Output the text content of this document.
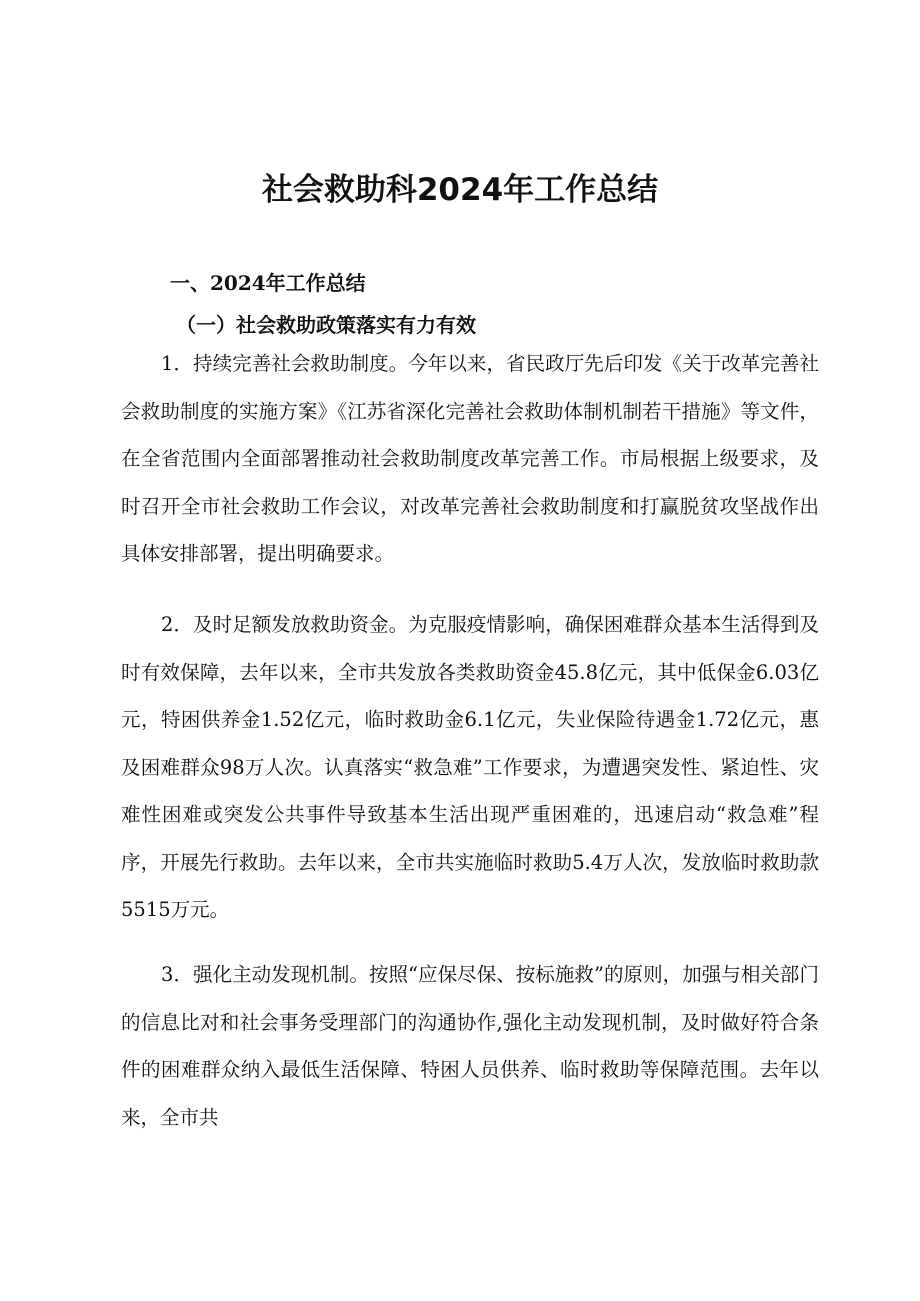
社会救助科2024年工作总结
一、2024年工作总结
（一）社会救助政策落实有力有效

1．持续完善社会救助制度。今年以来，省民政厅先后印发《关于改革完善社会救助制度的实施方案》《江苏省深化完善社会救助体制机制若干措施》等文件，在全省范围内全面部署推动社会救助制度改革完善工作。市局根据上级要求，及时召开全市社会救助工作会议，对改革完善社会救助制度和打赢脱贫攻坚战作出具体安排部署，提出明确要求。

2．及时足额发放救助资金。为克服疫情影响，确保困难群众基本生活得到及时有效保障，去年以来，全市共发放各类救助资金45.8亿元，其中低保金6.03亿元，特困供养金1.52亿元，临时救助金6.1亿元，失业保险待遇金1.72亿元，惠及困难群众98万人次。认真落实“救急难”工作要求，为遭遇突发性、紧迫性、灾难性困难或突发公共事件导致基本生活出现严重困难的，迅速启动“救急难”程序，开展先行救助。去年以来，全市共实施临时救助5.4万人次，发放临时救助款5515万元。

3．强化主动发现机制。按照“应保尽保、按标施救”的原则，加强与相关部门的信息比对和社会事务受理部门的沟通协作,强化主动发现机制，及时做好符合条件的困难群众纳入最低生活保障、特困人员供养、临时救助等保障范围。去年以来，全市共
